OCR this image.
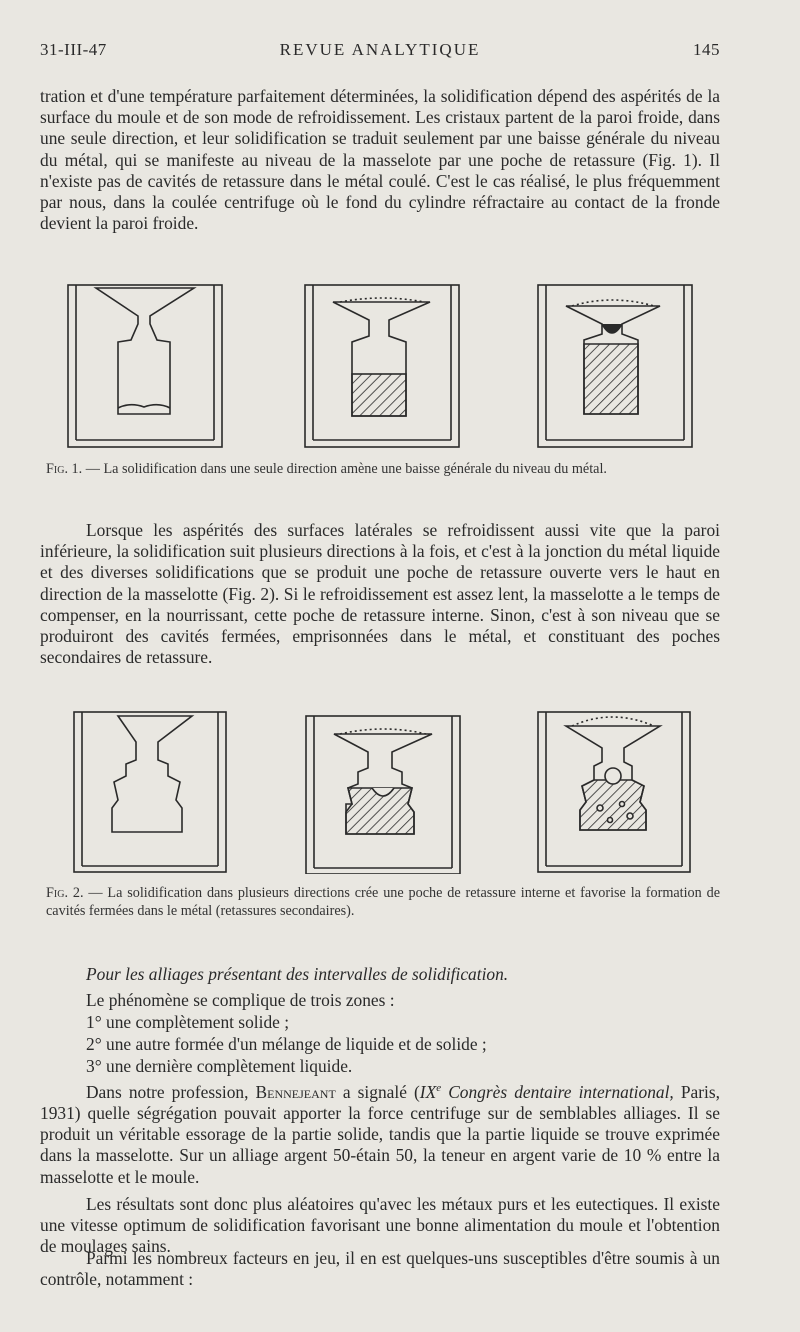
31-III-47	REVUE ANALYTIQUE	145
tration et d'une température parfaitement déterminées, la solidification dépend des aspérités de la surface du moule et de son mode de refroidissement. Les cristaux partent de la paroi froide, dans une seule direction, et leur solidification se traduit seulement par une baisse générale du niveau du métal, qui se manifeste au niveau de la masselote par une poche de retassure (Fig. 1). Il n'existe pas de cavités de retassure dans le métal coulé. C'est le cas réalisé, le plus fréquemment par nous, dans la coulée centrifuge où le fond du cylindre réfractaire au contact de la fronde devient la paroi froide.
Fig. 1. — La solidification dans une seule direction amène une baisse générale du niveau du métal.
Lorsque les aspérités des surfaces latérales se refroidissent aussi vite que la paroi inférieure, la solidification suit plusieurs directions à la fois, et c'est à la jonction du métal liquide et des diverses solidifications que se produit une poche de retassure ouverte vers le haut en direction de la masselotte (Fig. 2). Si le refroidissement est assez lent, la masselotte a le temps de compenser, en la nourrissant, cette poche de retassure interne. Sinon, c'est à son niveau que se produiront des cavités fermées, emprisonnées dans le métal, et constituant des poches secondaires de retassure.
Fig. 2. — La solidification dans plusieurs directions crée une poche de retassure interne et favorise la formation de cavités fermées dans le métal (retassures secondaires).
Pour les alliages présentant des intervalles de solidification.
Le phénomène se complique de trois zones :
1° une complètement solide ;
2° une autre formée d'un mélange de liquide et de solide ;
3° une dernière complètement liquide.
Dans notre profession, Bennejeant a signalé (IXe Congrès dentaire international, Paris, 1931) quelle ségrégation pouvait apporter la force centrifuge sur de semblables alliages. Il se produit un véritable essorage de la partie solide, tandis que la partie liquide se trouve exprimée dans la masselotte. Sur un alliage argent 50-étain 50, la teneur en argent varie de 10 % entre la masselotte et le moule.
Les résultats sont donc plus aléatoires qu'avec les métaux purs et les eutectiques. Il existe une vitesse optimum de solidification favorisant une bonne alimentation du moule et l'obtention de moulages sains.
Parmi les nombreux facteurs en jeu, il en est quelques-uns susceptibles d'être soumis à un contrôle, notamment :
